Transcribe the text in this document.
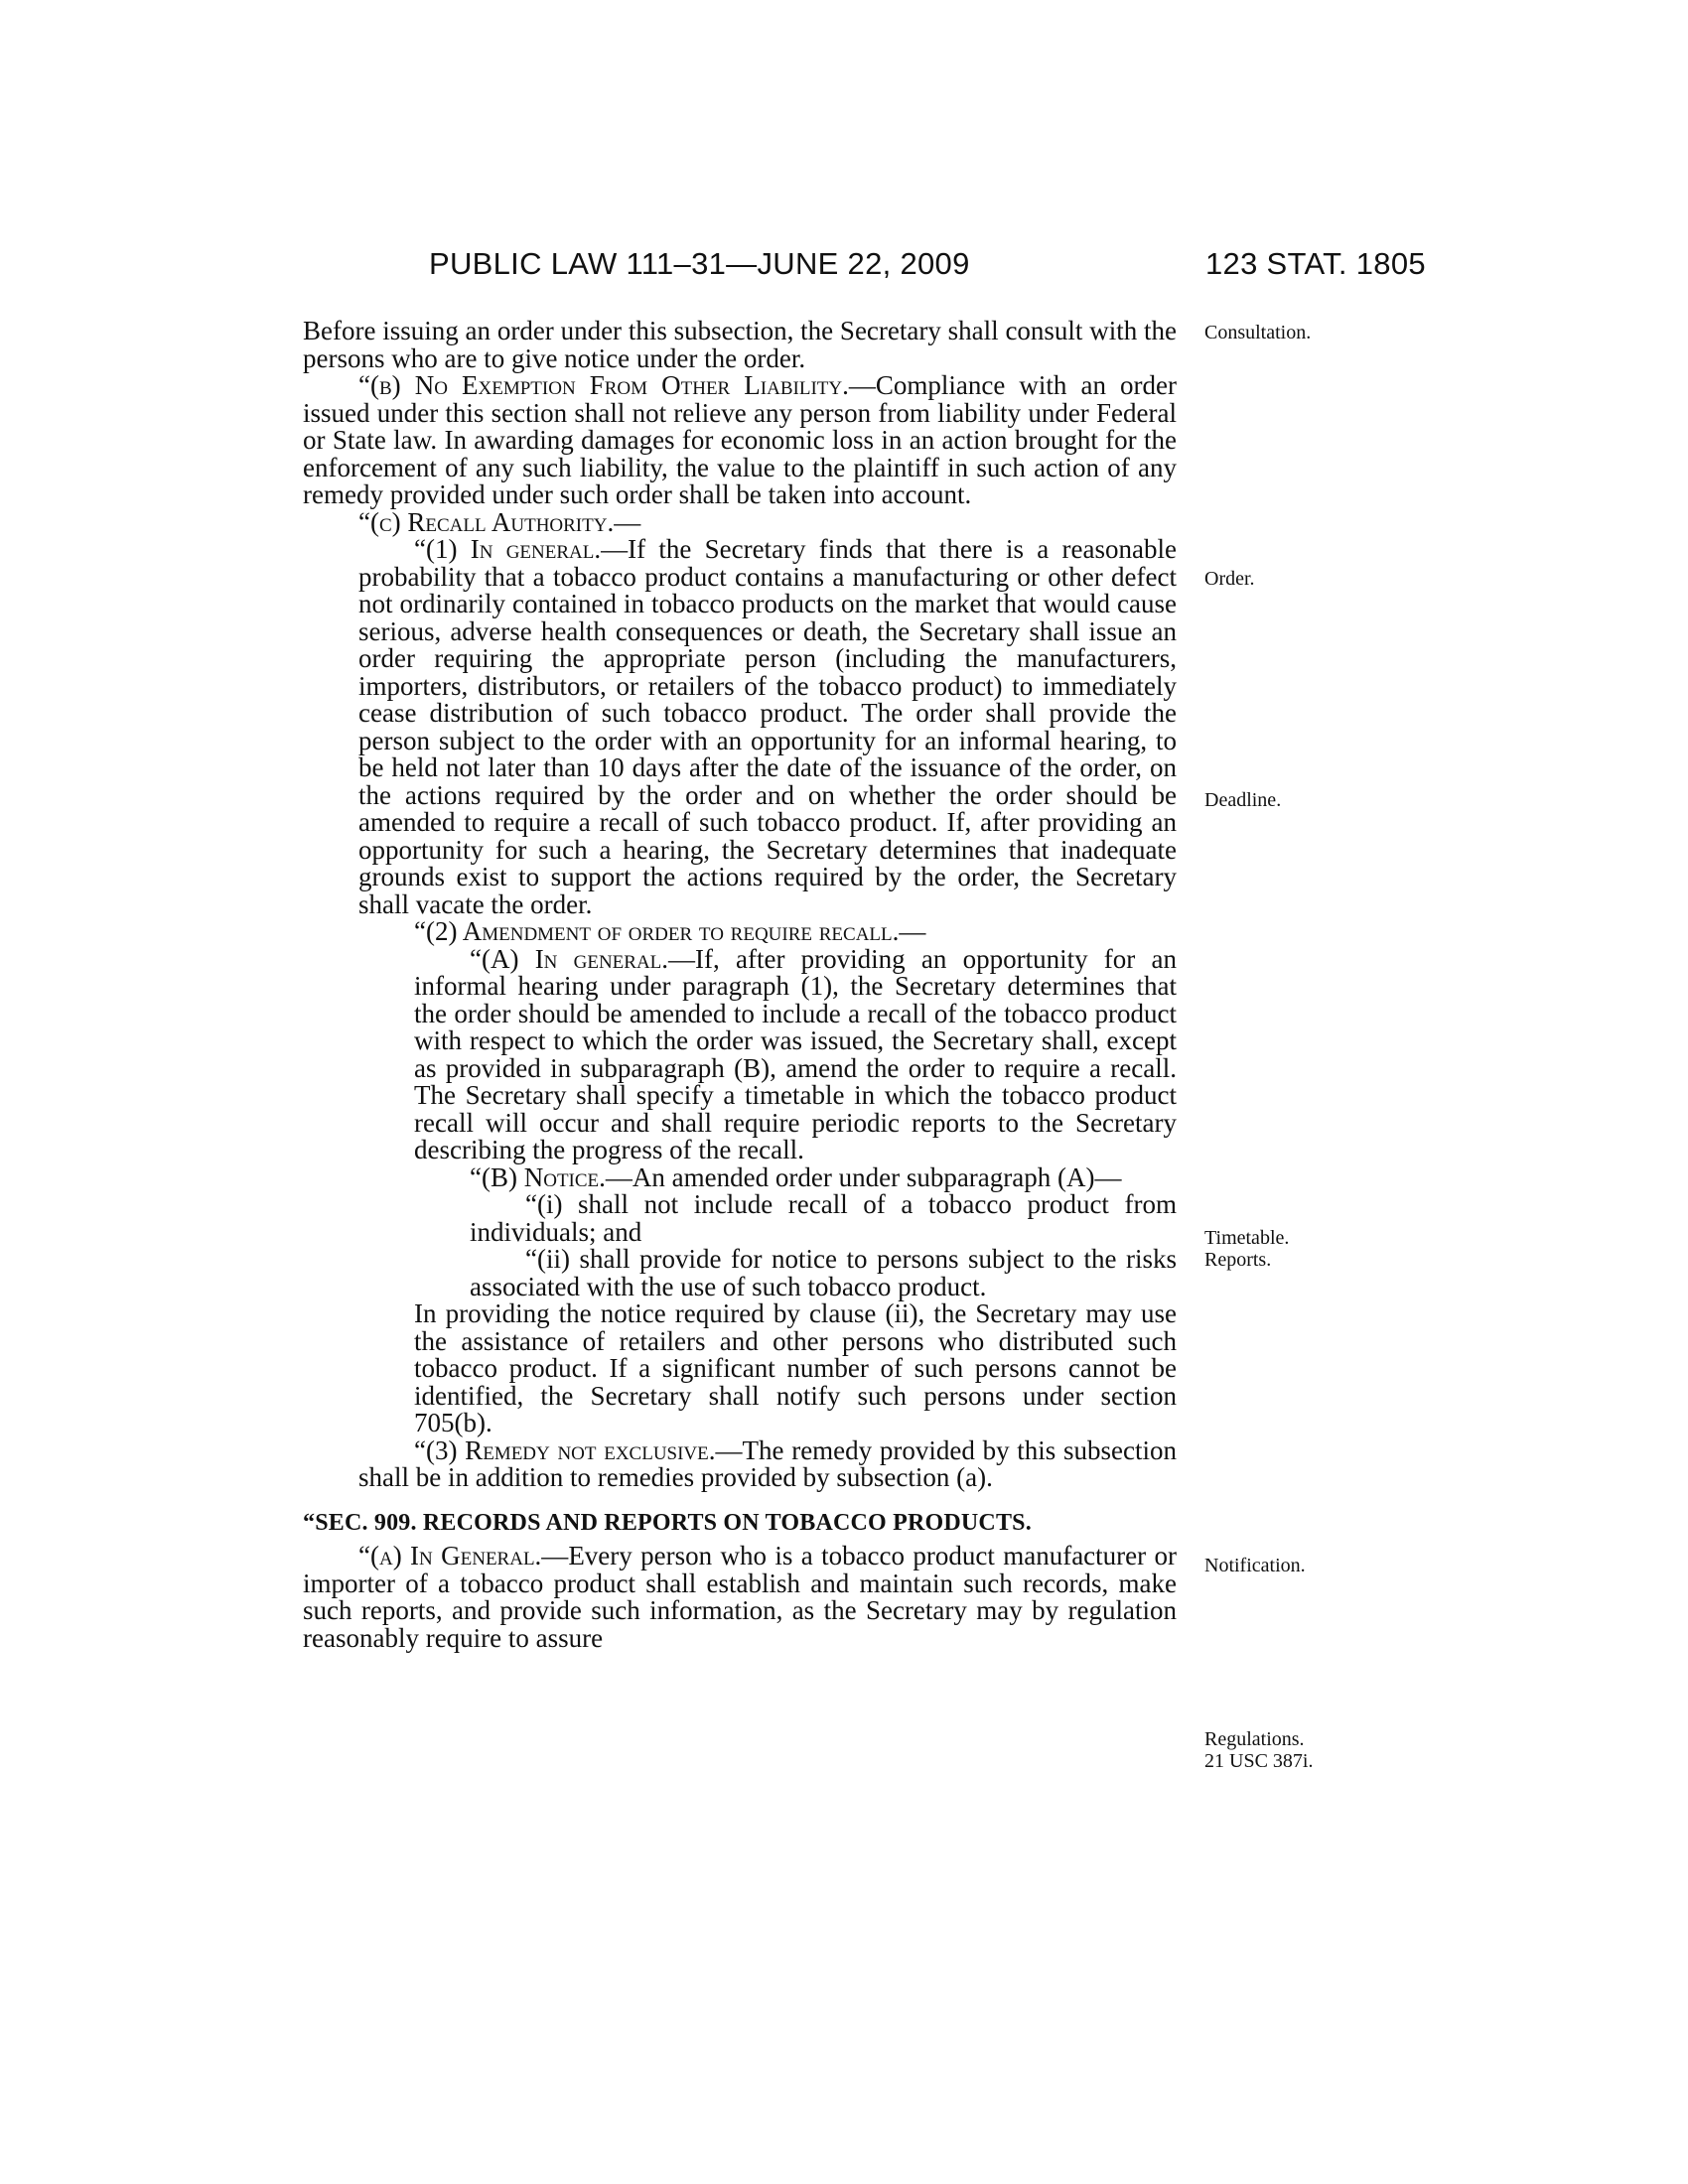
PUBLIC LAW 111–31—JUNE 22, 2009	123 STAT. 1805

Before issuing an order under this subsection, the Secretary shall consult with the persons who are to give notice under the order.

“(b) No Exemption From Other Liability.—Compliance with an order issued under this section shall not relieve any person from liability under Federal or State law. In awarding damages for economic loss in an action brought for the enforcement of any such liability, the value to the plaintiff in such action of any remedy provided under such order shall be taken into account.

“(c) Recall Authority.—

“(1) In general.—If the Secretary finds that there is a reasonable probability that a tobacco product contains a manufacturing or other defect not ordinarily contained in tobacco products on the market that would cause serious, adverse health consequences or death, the Secretary shall issue an order requiring the appropriate person (including the manufacturers, importers, distributors, or retailers of the tobacco product) to immediately cease distribution of such tobacco product. The order shall provide the person subject to the order with an opportunity for an informal hearing, to be held not later than 10 days after the date of the issuance of the order, on the actions required by the order and on whether the order should be amended to require a recall of such tobacco product. If, after providing an opportunity for such a hearing, the Secretary determines that inadequate grounds exist to support the actions required by the order, the Secretary shall vacate the order.

“(2) Amendment of order to require recall.—

“(A) In general.—If, after providing an opportunity for an informal hearing under paragraph (1), the Secretary determines that the order should be amended to include a recall of the tobacco product with respect to which the order was issued, the Secretary shall, except as provided in subparagraph (B), amend the order to require a recall. The Secretary shall specify a timetable in which the tobacco product recall will occur and shall require periodic reports to the Secretary describing the progress of the recall.

“(B) Notice.—An amended order under subparagraph (A)—

“(i) shall not include recall of a tobacco product from individuals; and

“(ii) shall provide for notice to persons subject to the risks associated with the use of such tobacco product.

In providing the notice required by clause (ii), the Secretary may use the assistance of retailers and other persons who distributed such tobacco product. If a significant number of such persons cannot be identified, the Secretary shall notify such persons under section 705(b).

“(3) Remedy not exclusive.—The remedy provided by this subsection shall be in addition to remedies provided by subsection (a).

“SEC. 909. RECORDS AND REPORTS ON TOBACCO PRODUCTS.

“(a) In General.—Every person who is a tobacco product manufacturer or importer of a tobacco product shall establish and maintain such records, make such reports, and provide such information, as the Secretary may by regulation reasonably require to assure

Consultation.
Order.
Deadline.
Timetable.
Reports.
Notification.
Regulations.
21 USC 387i.
